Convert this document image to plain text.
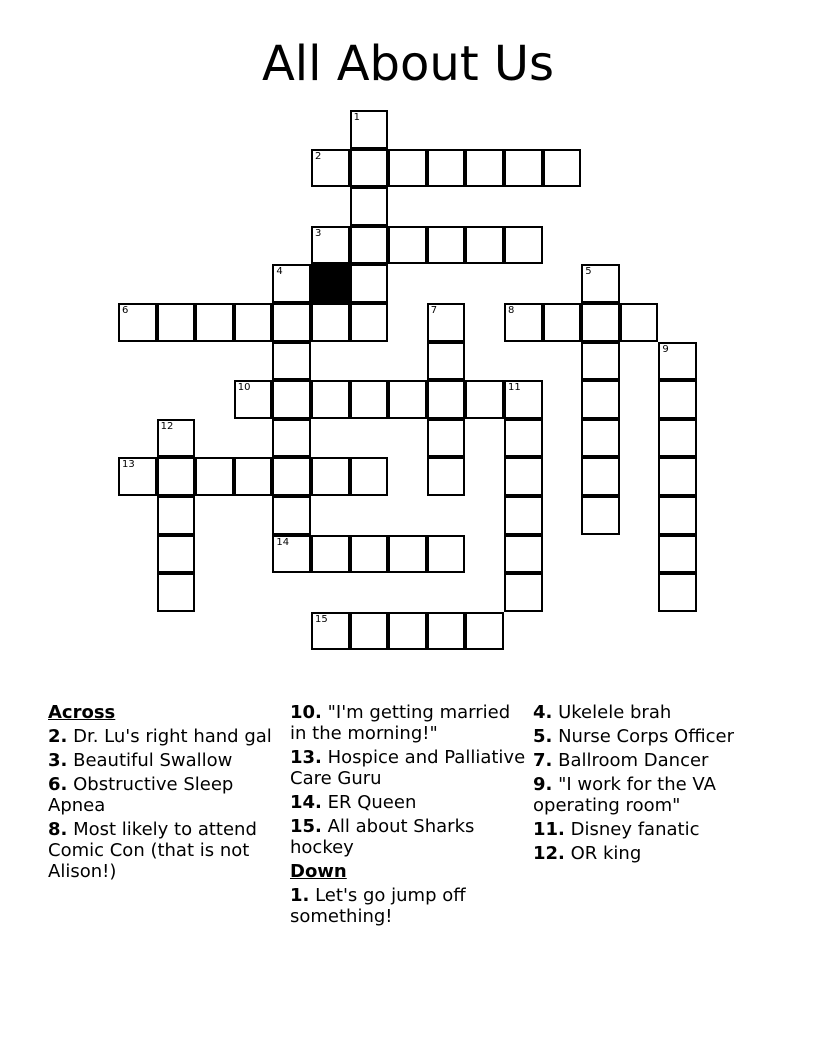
All About Us
1
2
3
4	5
6	7	8
9
10	11
12
13
14
15
Across
2. Dr. Lu's right hand gal
3. Beautiful Swallow
6. Obstructive Sleep Apnea
8. Most likely to attend Comic Con (that is not Alison!)
10. "I'm getting married in the morning!"
13. Hospice and Palliative Care Guru
14. ER Queen
15. All about Sharks hockey
Down
1. Let's go jump off something!
4. Ukelele brah
5. Nurse Corps Officer
7. Ballroom Dancer
9. "I work for the VA operating room"
11. Disney fanatic
12. OR king
